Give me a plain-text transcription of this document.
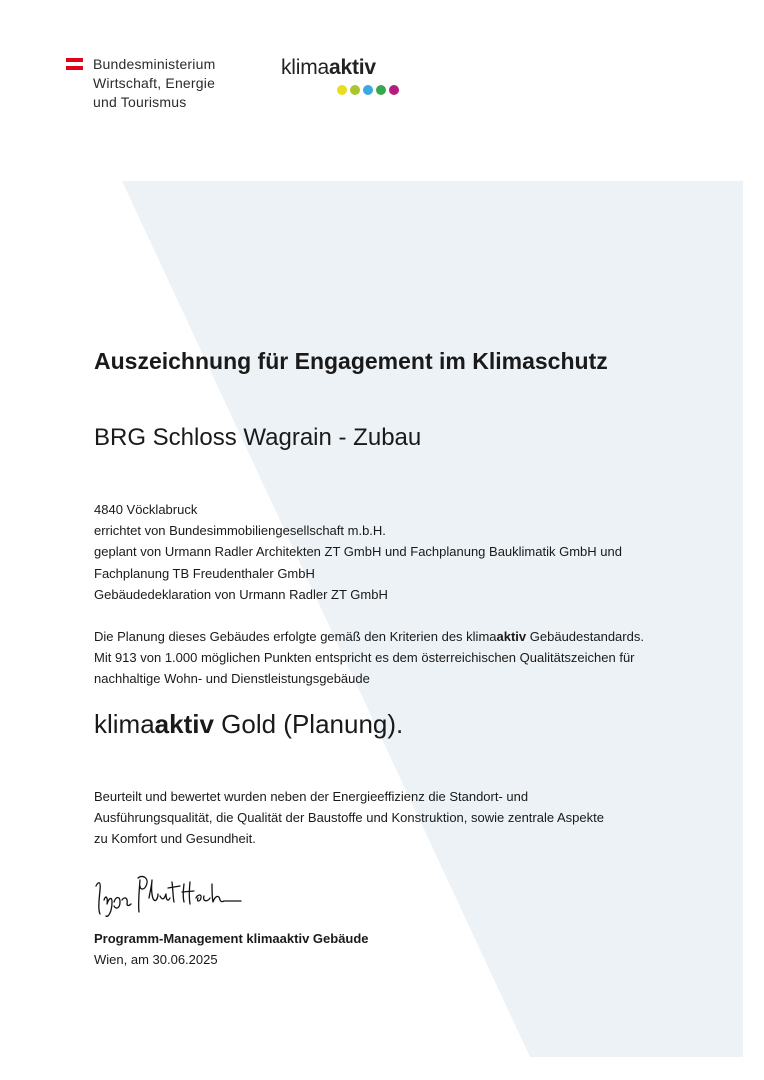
Bundesministerium
Wirtschaft, Energie
und Tourismus
klimaaktiv
Auszeichnung für Engagement im Klimaschutz
BRG Schloss Wagrain - Zubau
4840 Vöcklabruck
errichtet von Bundesimmobiliengesellschaft m.b.H.
geplant von Urmann Radler Architekten ZT GmbH und Fachplanung Bauklimatik GmbH und
Fachplanung TB Freudenthaler GmbH
Gebäudedeklaration von Urmann Radler ZT GmbH
Die Planung dieses Gebäudes erfolgte gemäß den Kriterien des klimaaktiv Gebäudestandards.
Mit 913 von 1.000 möglichen Punkten entspricht es dem österreichischen Qualitätszeichen für
nachhaltige Wohn- und Dienstleistungsgebäude
klimaaktiv Gold (Planung).
Beurteilt und bewertet wurden neben der Energieeffizienz die Standort- und
Ausführungsqualität, die Qualität der Baustoffe und Konstruktion, sowie zentrale Aspekte
zu Komfort und Gesundheit.
Programm-Management klimaaktiv Gebäude
Wien, am 30.06.2025
